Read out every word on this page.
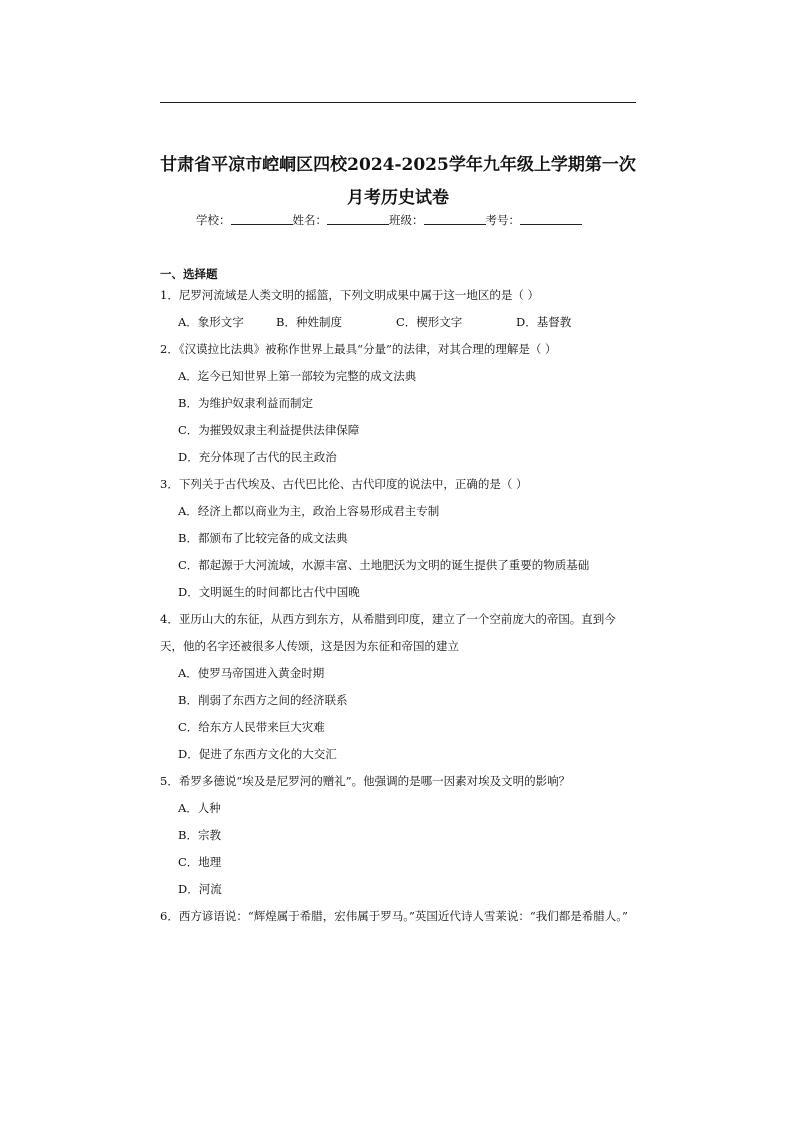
甘肃省平凉市崆峒区四校2024-2025学年九年级上学期第一次
月考历史试卷
学校：	姓名：	班级：	考号：
一、选择题
1．尼罗河流域是人类文明的摇篮，下列文明成果中属于这一地区的是（ ）
A．象形文字	B．种姓制度	C．楔形文字	D．基督教
2．《汉谟拉比法典》被称作世界上最具“分量”的法律，对其合理的理解是（ ）
A．迄今已知世界上第一部较为完整的成文法典
B．为维护奴隶利益而制定
C．为摧毁奴隶主利益提供法律保障
D．充分体现了古代的民主政治
3．下列关于古代埃及、古代巴比伦、古代印度的说法中，正确的是（ ）
A．经济上都以商业为主，政治上容易形成君主专制
B．都颁布了比较完备的成文法典
C．都起源于大河流域，水源丰富、土地肥沃为文明的诞生提供了重要的物质基础
D．文明诞生的时间都比古代中国晚
4．亚历山大的东征，从西方到东方，从希腊到印度，建立了一个空前庞大的帝国。直到今
天，他的名字还被很多人传颂，这是因为东征和帝国的建立
A．使罗马帝国进入黄金时期
B．削弱了东西方之间的经济联系
C．给东方人民带来巨大灾难
D．促进了东西方文化的大交汇
5．希罗多德说“埃及是尼罗河的赠礼”。他强调的是哪一因素对埃及文明的影响？
A．人种
B．宗教
C．地理
D．河流
6．西方谚语说：“辉煌属于希腊，宏伟属于罗马。”英国近代诗人雪莱说：“我们都是希腊人。”
